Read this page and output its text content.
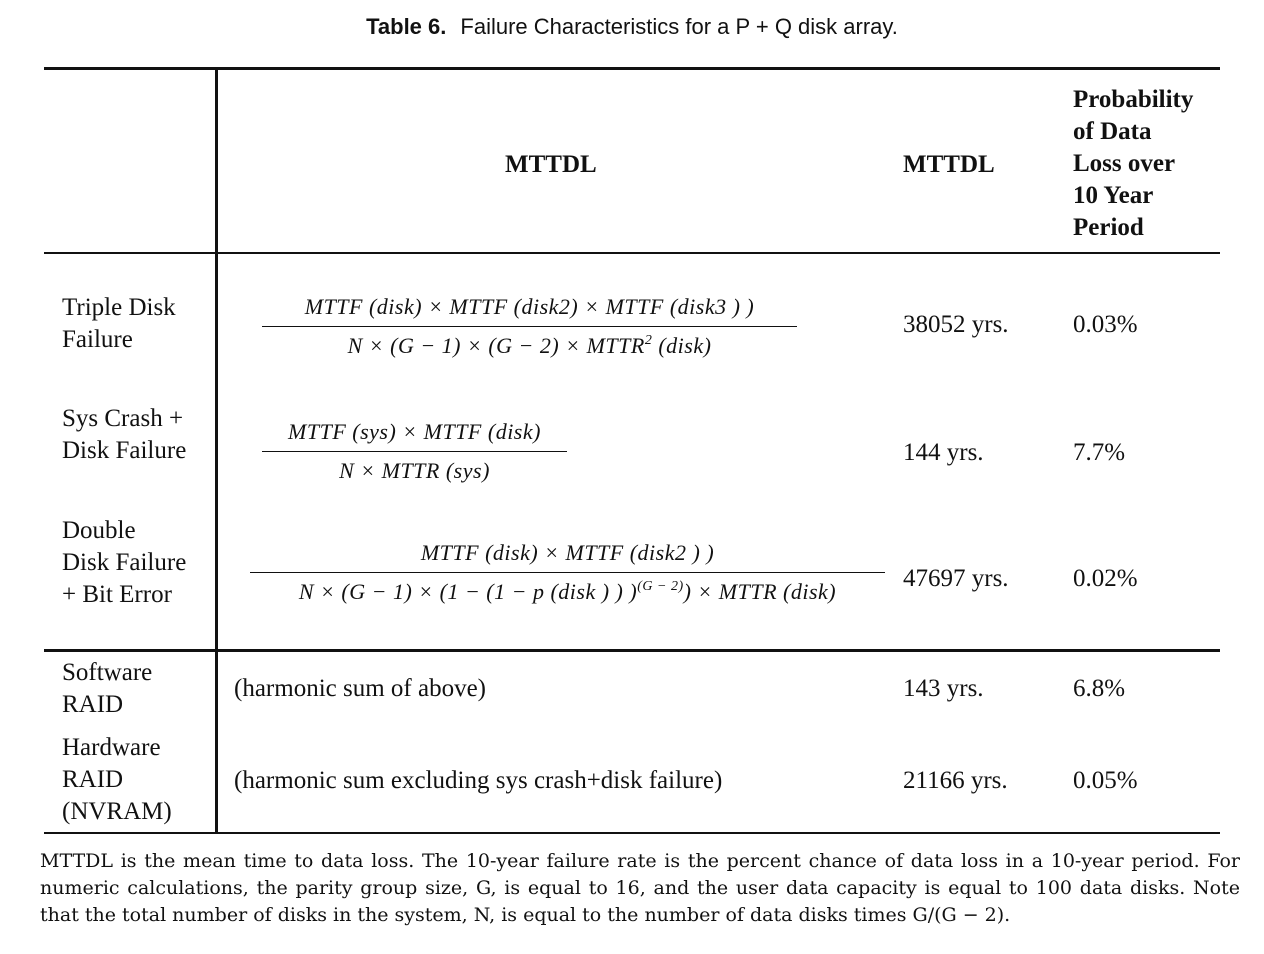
Table 6. Failure Characteristics for a P + Q disk array.
MTTDL	MTTDL
Probability
of Data
Loss over
10 Year
Period
Triple Disk
Failure
MTTF (disk) × MTTF (disk2) × MTTF (disk3 ) )
$N \times (G - 1) \times (G - 2) \times MTTR^2$ (disk)
38052 yrs.	0.03%
Sys Crash +
Disk Failure
MTTF (sys) × MTTF (disk)
N × MTTR (sys)
144 yrs.	7.7%
Double
Disk Failure
+ Bit Error
MTTF (disk) × MTTF (disk2 ) )
N × (G − 1) × (1 − (1 − p (disk ) ) )$^{(G - 2)}$) × MTTR (disk)	47697 yrs.	0.02%
Software
RAID
(harmonic sum of above)	143 yrs.	6.8%
Hardware
RAID
(NVRAM)
(harmonic sum excluding sys crash+disk failure)	21166 yrs.	0.05%
MTTDL is the mean time to data loss. The 10-year failure rate is the percent chance of data loss in a 10-year period. For numeric calculations, the parity group size, G, is equal to 16, and the user data capacity is equal to 100 data disks. Note that the total number of disks in the system, N, is equal to the number of data disks times G/(G − 2).
